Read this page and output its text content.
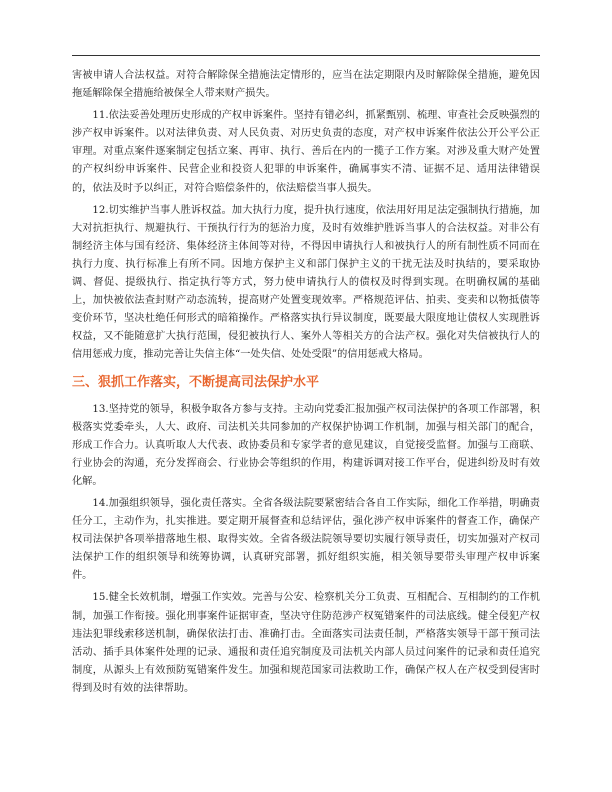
害被申请人合法权益。对符合解除保全措施法定情形的，应当在法定期限内及时解除保全措施，避免因拖延解除保全措施给被保全人带来财产损失。

11.依法妥善处理历史形成的产权申诉案件。坚持有错必纠，抓紧甄别、梳理、审查社会反映强烈的涉产权申诉案件。以对法律负责、对人民负责、对历史负责的态度，对产权申诉案件依法公开公平公正审理。对重点案件逐案制定包括立案、再审、执行、善后在内的一揽子工作方案。对涉及重大财产处置的产权纠纷申诉案件、民营企业和投资人犯罪的申诉案件，确属事实不清、证据不足、适用法律错误的，依法及时予以纠正，对符合赔偿条件的，依法赔偿当事人损失。

12.切实维护当事人胜诉权益。加大执行力度，提升执行速度，依法用好用足法定强制执行措施，加大对抗拒执行、规避执行、干预执行行为的惩治力度，及时有效维护胜诉当事人的合法权益。对非公有制经济主体与国有经济、集体经济主体间等对待，不得因申请执行人和被执行人的所有制性质不同而在执行力度、执行标准上有所不同。因地方保护主义和部门保护主义的干扰无法及时执结的，要采取协调、督促、提级执行、指定执行等方式，努力使申请执行人的债权及时得到实现。在明确权属的基础上，加快被依法查封财产动态流转，提高财产处置变现效率。严格规范评估、拍卖、变卖和以物抵债等变价环节，坚决杜绝任何形式的暗箱操作。严格落实执行异议制度，既要最大限度地让债权人实现胜诉权益，又不能随意扩大执行范围，侵犯被执行人、案外人等相关方的合法产权。强化对失信被执行人的信用惩戒力度，推动完善让失信主体“一处失信、处处受限”的信用惩戒大格局。

三、狠抓工作落实，不断提高司法保护水平

13.坚持党的领导，积极争取各方参与支持。主动向党委汇报加强产权司法保护的各项工作部署，积极落实党委牵头，人大、政府、司法机关共同参加的产权保护协调工作机制，加强与相关部门的配合，形成工作合力。认真听取人大代表、政协委员和专家学者的意见建议，自觉接受监督。加强与工商联、行业协会的沟通，充分发挥商会、行业协会等组织的作用，构建诉调对接工作平台，促进纠纷及时有效化解。

14.加强组织领导，强化责任落实。全省各级法院要紧密结合各自工作实际，细化工作举措，明确责任分工，主动作为，扎实推进。要定期开展督查和总结评估，强化涉产权申诉案件的督查工作，确保产权司法保护各项举措落地生根、取得实效。全省各级法院领导要切实履行领导责任，切实加强对产权司法保护工作的组织领导和统筹协调，认真研究部署，抓好组织实施，相关领导要带头审理产权申诉案件。

15.健全长效机制，增强工作实效。完善与公安、检察机关分工负责、互相配合、互相制约的工作机制，加强工作衔接。强化刑事案件证据审查，坚决守住防范涉产权冤错案件的司法底线。健全侵犯产权违法犯罪线索移送机制，确保依法打击、准确打击。全面落实司法责任制，严格落实领导干部干预司法活动、插手具体案件处理的记录、通报和责任追究制度及司法机关内部人员过问案件的记录和责任追究制度，从源头上有效预防冤错案件发生。加强和规范国家司法救助工作，确保产权人在产权受到侵害时得到及时有效的法律帮助。
